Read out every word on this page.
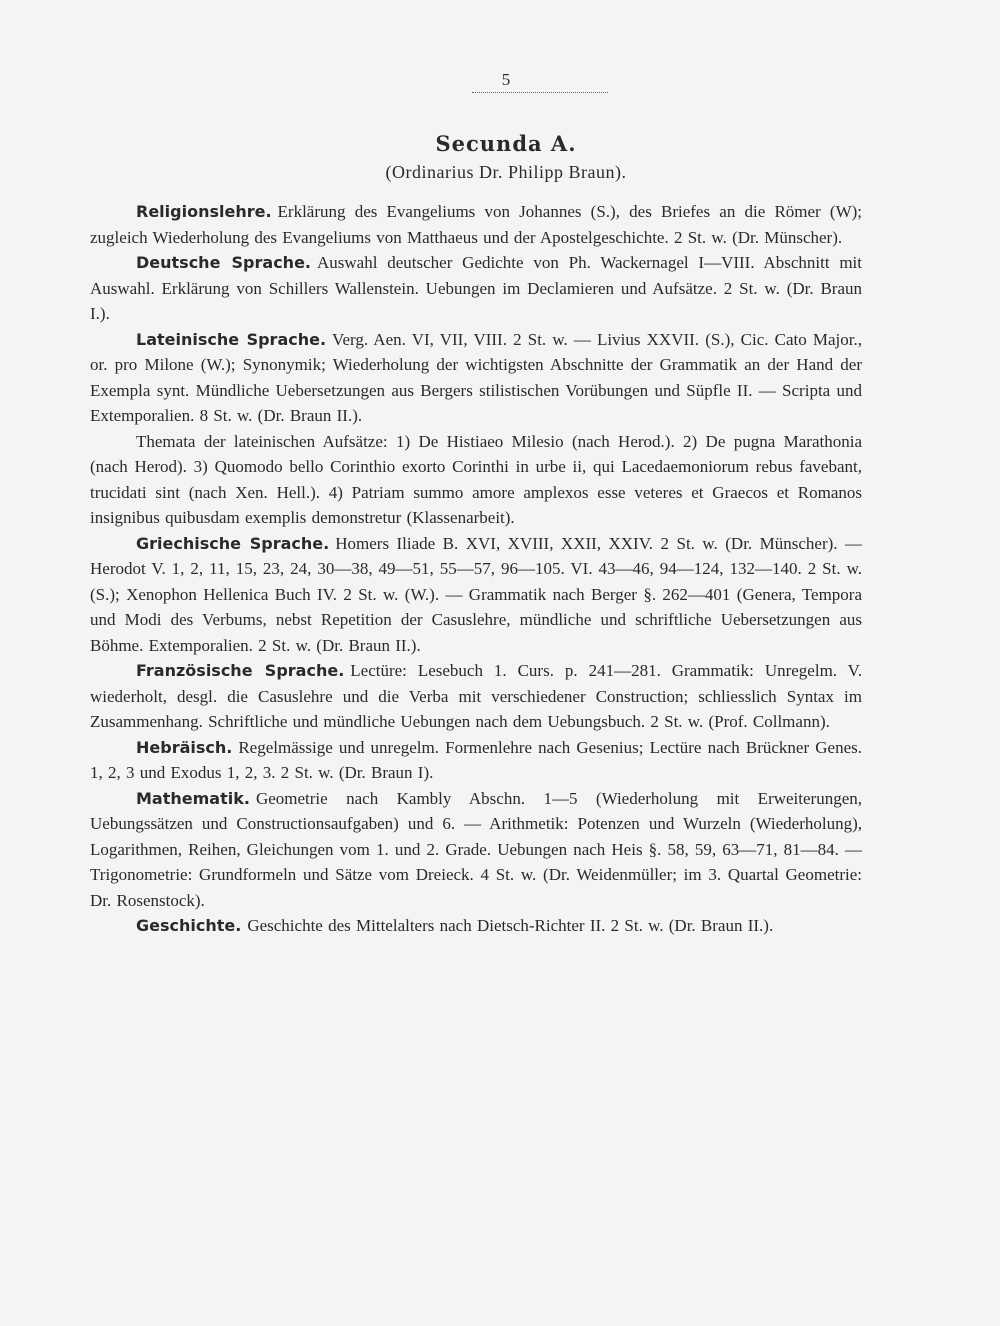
5
Secunda A.
(Ordinarius Dr. Philipp Braun).

Religionslehre. Erklärung des Evangeliums von Johannes (S.), des Briefes an die Römer (W); zugleich Wiederholung des Evangeliums von Matthaeus und der Apostelgeschichte. 2 St. w. (Dr. Münscher).

Deutsche Sprache. Auswahl deutscher Gedichte von Ph. Wackernagel I—VIII. Abschnitt mit Auswahl. Erklärung von Schillers Wallenstein. Uebungen im Declamieren und Aufsätze. 2 St. w. (Dr. Braun I.).

Lateinische Sprache. Verg. Aen. VI, VII, VIII. 2 St. w. — Livius XXVII. (S.), Cic. Cato Major., or. pro Milone (W.); Synonymik; Wiederholung der wichtigsten Abschnitte der Grammatik an der Hand der Exempla synt. Mündliche Uebersetzungen aus Bergers stilistischen Vorübungen und Süpfle II. — Scripta und Extemporalien. 8 St. w. (Dr. Braun II.).

Themata der lateinischen Aufsätze: 1) De Histiaeo Milesio (nach Herod.). 2) De pugna Marathonia (nach Herod). 3) Quomodo bello Corinthio exorto Corinthi in urbe ii, qui Lacedaemoniorum rebus favebant, trucidati sint (nach Xen. Hell.). 4) Patriam summo amore amplexos esse veteres et Graecos et Romanos insignibus quibusdam exemplis demonstretur (Klassenarbeit).

Griechische Sprache. Homers Iliade B. XVI, XVIII, XXII, XXIV. 2 St. w. (Dr. Münscher). — Herodot V. 1, 2, 11, 15, 23, 24, 30—38, 49—51, 55—57, 96—105. VI. 43—46, 94—124, 132—140. 2 St. w. (S.); Xenophon Hellenica Buch IV. 2 St. w. (W.). — Grammatik nach Berger §. 262—401 (Genera, Tempora und Modi des Verbums, nebst Repetition der Casuslehre, mündliche und schriftliche Uebersetzungen aus Böhme. Extemporalien. 2 St. w. (Dr. Braun II.).

Französische Sprache. Lectüre: Lesebuch 1. Curs. p. 241—281. Grammatik: Unregelm. V. wiederholt, desgl. die Casuslehre und die Verba mit verschiedener Construction; schliesslich Syntax im Zusammenhang. Schriftliche und mündliche Uebungen nach dem Uebungsbuch. 2 St. w. (Prof. Collmann).

Hebräisch. Regelmässige und unregelm. Formenlehre nach Gesenius; Lectüre nach Brückner Genes. 1, 2, 3 und Exodus 1, 2, 3. 2 St. w. (Dr. Braun I).

Mathematik. Geometrie nach Kambly Abschn. 1—5 (Wiederholung mit Erweiterungen, Uebungssätzen und Constructionsaufgaben) und 6. — Arithmetik: Potenzen und Wurzeln (Wiederholung), Logarithmen, Reihen, Gleichungen vom 1. und 2. Grade. Uebungen nach Heis §. 58, 59, 63—71, 81—84. — Trigonometrie: Grundformeln und Sätze vom Dreieck. 4 St. w. (Dr. Weidenmüller; im 3. Quartal Geometrie: Dr. Rosenstock).

Geschichte. Geschichte des Mittelalters nach Dietsch-Richter II. 2 St. w. (Dr. Braun II.).
